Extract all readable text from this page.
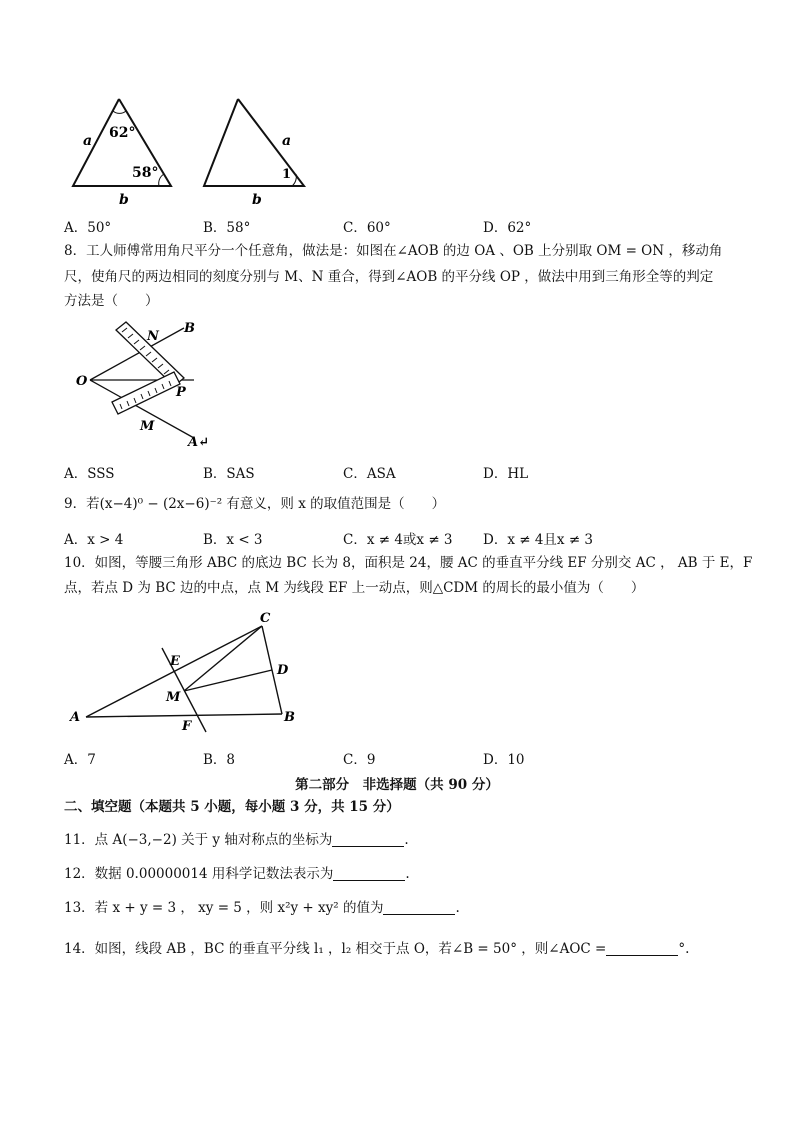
a 62°
58°
b
a
1
b
A．50°	B．58°	C．60°	D．62°
8．工人师傅常用角尺平分一个任意角，做法是：如图在∠AOB 的边 OA 、OB 上分别取 OM = ON ，移动角
尺，使角尺的两边相同的刻度分别与 M、N 重合，得到∠AOB 的平分线 OP ，做法中用到三角形全等的判定
方法是（　　）
O
N
B
P
M
A↵
A．SSS	B．SAS	C．ASA	D．HL
9．若(x−4)⁰ − (2x−6)⁻² 有意义，则 x 的取值范围是（　　）
A．x > 4	B．x < 3	C．x ≠ 4或x ≠ 3 D．x ≠ 4且x ≠ 3
10．如图，等腰三角形 ABC 的底边 BC 长为 8，面积是 24，腰 AC 的垂直平分线 EF 分别交 AC ， AB 于 E，F
点，若点 D 为 BC 边的中点，点 M 为线段 EF 上一动点，则△CDM 的周长的最小值为（　　）
C
E
D
M
A
F
B
A．7	B．8	C．9	D．10
第二部分　非选择题（共 90 分）
二、填空题（本题共 5 小题，每小题 3 分，共 15 分）
11．点 A(−3,−2) 关于 y 轴对称点的坐标为	.
12．数据 0.00000014 用科学记数法表示为	.
13．若 x + y = 3 ， xy = 5 ，则 x²y + xy² 的值为	.
14．如图，线段 AB ，BC 的垂直平分线 l₁ ，l₂ 相交于点 O，若∠B = 50° ，则∠AOC =	°.
